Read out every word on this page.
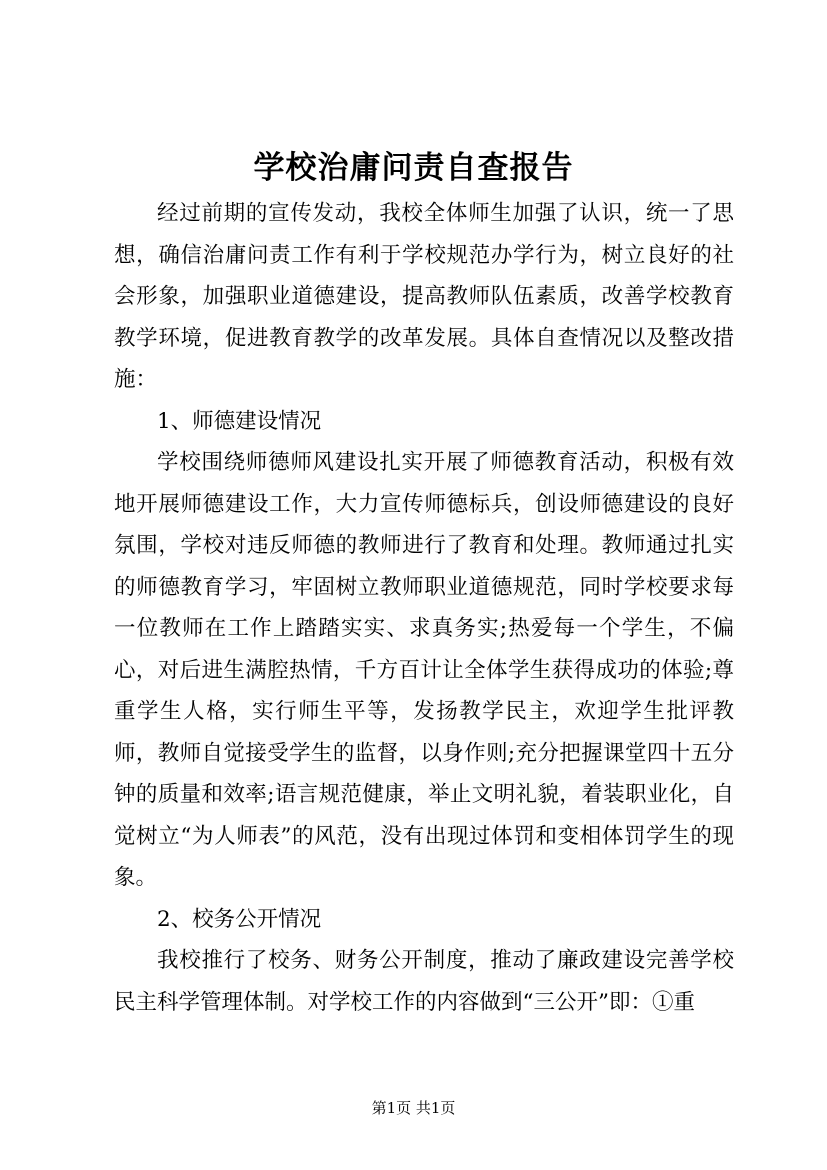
学校治庸问责自查报告

经过前期的宣传发动，我校全体师生加强了认识，统一了思想，确信治庸问责工作有利于学校规范办学行为，树立良好的社会形象，加强职业道德建设，提高教师队伍素质，改善学校教育教学环境，促进教育教学的改革发展。具体自查情况以及整改措施：

1、师德建设情况

学校围绕师德师风建设扎实开展了师德教育活动，积极有效地开展师德建设工作，大力宣传师德标兵，创设师德建设的良好氛围，学校对违反师德的教师进行了教育和处理。教师通过扎实的师德教育学习，牢固树立教师职业道德规范，同时学校要求每一位教师在工作上踏踏实实、求真务实;热爱每一个学生，不偏心，对后进生满腔热情，千方百计让全体学生获得成功的体验;尊重学生人格，实行师生平等，发扬教学民主，欢迎学生批评教师，教师自觉接受学生的监督，以身作则;充分把握课堂四十五分钟的质量和效率;语言规范健康，举止文明礼貌，着装职业化，自觉树立“为人师表”的风范，没有出现过体罚和变相体罚学生的现象。

2、校务公开情况

我校推行了校务、财务公开制度，推动了廉政建设完善学校民主科学管理体制。对学校工作的内容做到“三公开”即：①重

第1页 共1页
